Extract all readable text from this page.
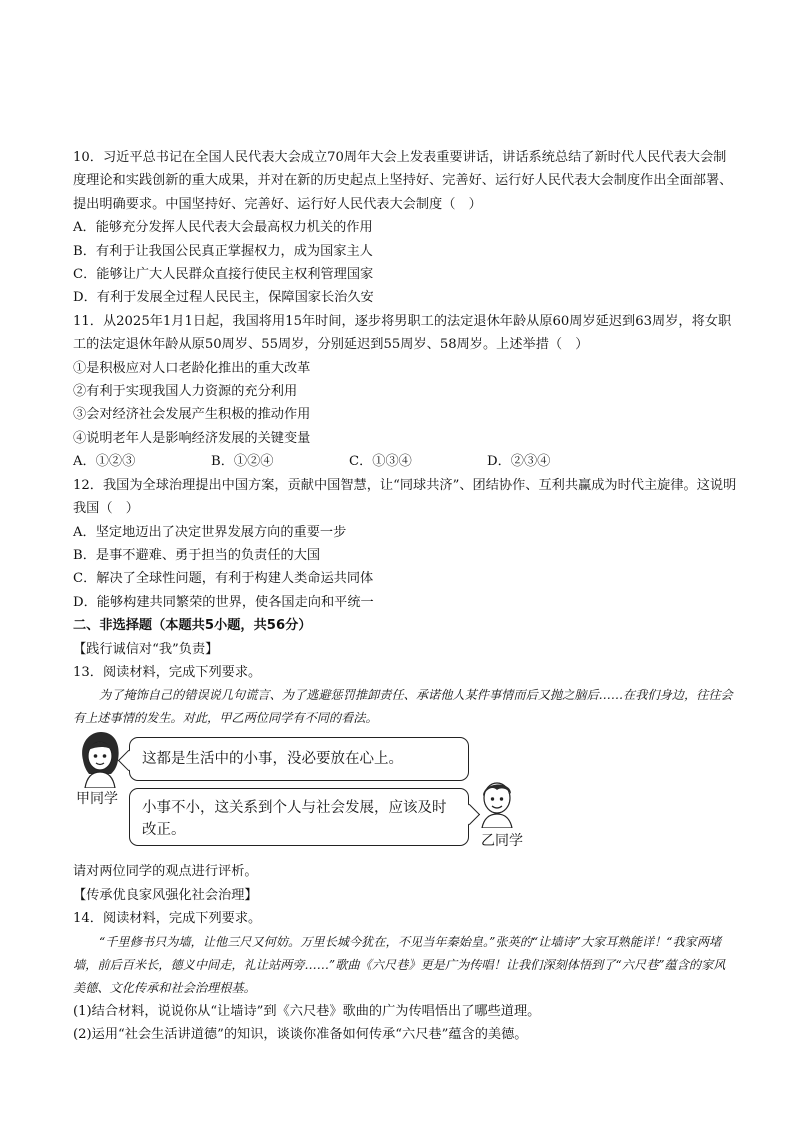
10．习近平总书记在全国人民代表大会成立70周年大会上发表重要讲话，讲话系统总结了新时代人民代表大会制度理论和实践创新的重大成果，并对在新的历史起点上坚持好、完善好、运行好人民代表大会制度作出全面部署、提出明确要求。中国坚持好、完善好、运行好人民代表大会制度（　）

A．能够充分发挥人民代表大会最高权力机关的作用

B．有利于让我国公民真正掌握权力，成为国家主人

C．能够让广大人民群众直接行使民主权利管理国家

D．有利于发展全过程人民民主，保障国家长治久安

11．从2025年1月1日起，我国将用15年时间，逐步将男职工的法定退休年龄从原60周岁延迟到63周岁，将女职工的法定退休年龄从原50周岁、55周岁，分别延迟到55周岁、58周岁。上述举措（　）

①是积极应对人口老龄化推出的重大改革

②有利于实现我国人力资源的充分利用

③会对经济社会发展产生积极的推动作用

④说明老年人是影响经济发展的关键变量

A．①②③	B．①②④	C．①③④	D．②③④

12．我国为全球治理提出中国方案，贡献中国智慧，让“同球共济”、团结协作、互利共赢成为时代主旋律。这说明我国（　）

A．坚定地迈出了决定世界发展方向的重要一步

B．是事不避难、勇于担当的负责任的大国

C．解决了全球性问题，有利于构建人类命运共同体

D．能够构建共同繁荣的世界，使各国走向和平统一

二、非选择题（本题共5小题，共56分）

【践行诚信对“我”负责】

13．阅读材料，完成下列要求。

为了掩饰自己的错误说几句谎言、为了逃避惩罚推卸责任、承诺他人某件事情而后又抛之脑后……在我们身边，往往会有上述事情的发生。对此，甲乙两位同学有不同的看法。

这都是生活中的小事，没必要放在心上。
小事不小，这关系到个人与社会发展，应该及时改正。
甲同学
乙同学

请对两位同学的观点进行评析。

【传承优良家风强化社会治理】

14．阅读材料，完成下列要求。

“千里修书只为墙，让他三尺又何妨。万里长城今犹在，不见当年秦始皇。”张英的“让墙诗”大家耳熟能详！“我家两堵墙，前后百米长，德义中间走，礼让站两旁……”歌曲《六尺巷》更是广为传唱！让我们深刻体悟到了“六尺巷”蕴含的家风美德、文化传承和社会治理根基。

(1)结合材料，说说你从“让墙诗”到《六尺巷》歌曲的广为传唱悟出了哪些道理。

(2)运用“社会生活讲道德”的知识，谈谈你准备如何传承“六尺巷”蕴含的美德。
